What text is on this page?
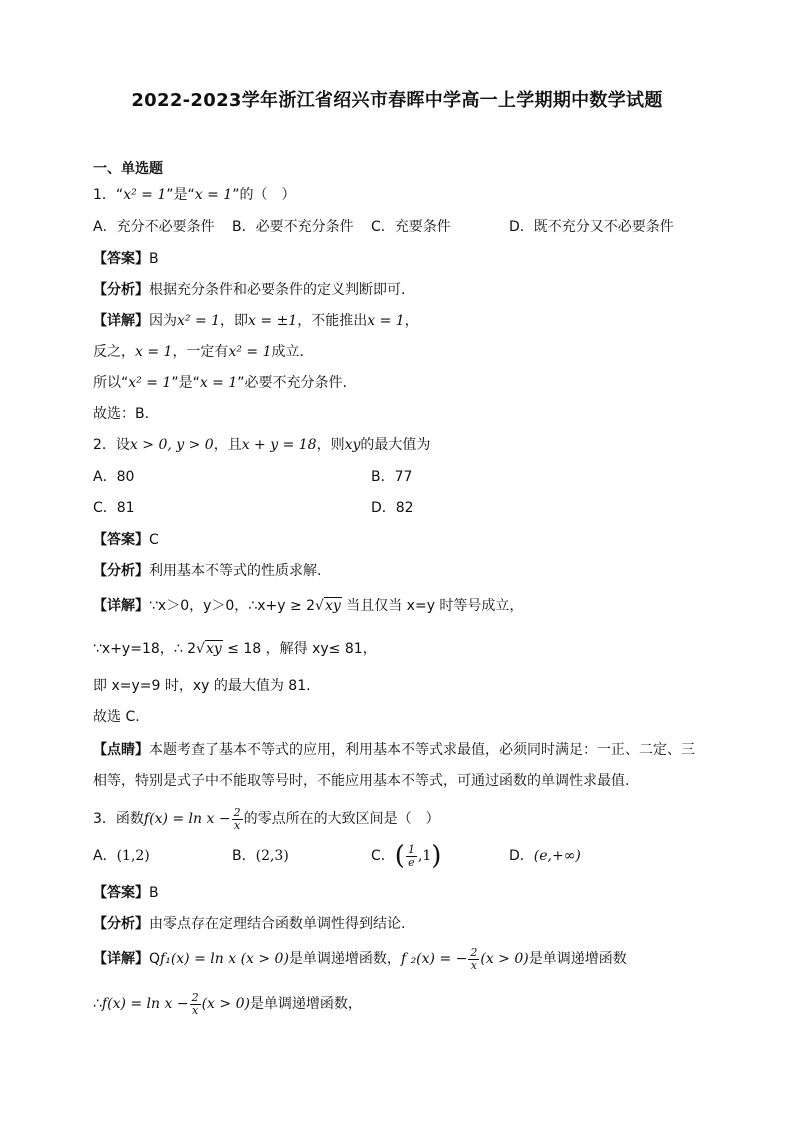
2022-2023学年浙江省绍兴市春晖中学高一上学期期中数学试题
一、单选题
1．“x² = 1”是“x = 1”的（　）
A．充分不必要条件 B．必要不充分条件 C．充要条件	D．既不充分又不必要条件
【答案】B
【分析】根据充分条件和必要条件的定义判断即可.
【详解】因为x² = 1，即x = ±1，不能推出x = 1，
反之，x = 1，一定有x² = 1成立．
所以“x² = 1”是“x = 1”必要不充分条件.
故选：B.
2．设x > 0, y > 0，且x + y = 18，则xy的最大值为
A．80	B．77
C．81	D．82
【答案】C
【分析】利用基本不等式的性质求解.
【详解】∵x＞0，y＞0，∴x+y ≥ 2√xy 当且仅当 x=y 时等号成立，
∵x+y=18，∴ 2√xy ≤ 18 ，解得 xy≤ 81，
即 x=y=9 时，xy 的最大值为 81.
故选 C.
【点睛】本题考查了基本不等式的应用，利用基本不等式求最值，必须同时满足：一正、二定、三
相等，特别是式子中不能取等号时，不能应用基本不等式，可通过函数的单调性求最值.
3．函数$f(x) = \ln x - \frac{2}{x}$ 的零点所在的大致区间是（　）
A．(1,2)	B．(2,3)	C．( $\frac{1}{e} ,1$)	D．(e,+∞)
【答案】B
【分析】由零点存在定理结合函数单调性得到结论.
【详解】Qf₁(x) = ln x (x > 0)是单调递增函数，f ₂(x) = − $\frac{2}{x} (x > 0)$是单调递增函数
∴f(x) = $\ln x - \frac{2}{x} (x > 0)$是单调递增函数，
